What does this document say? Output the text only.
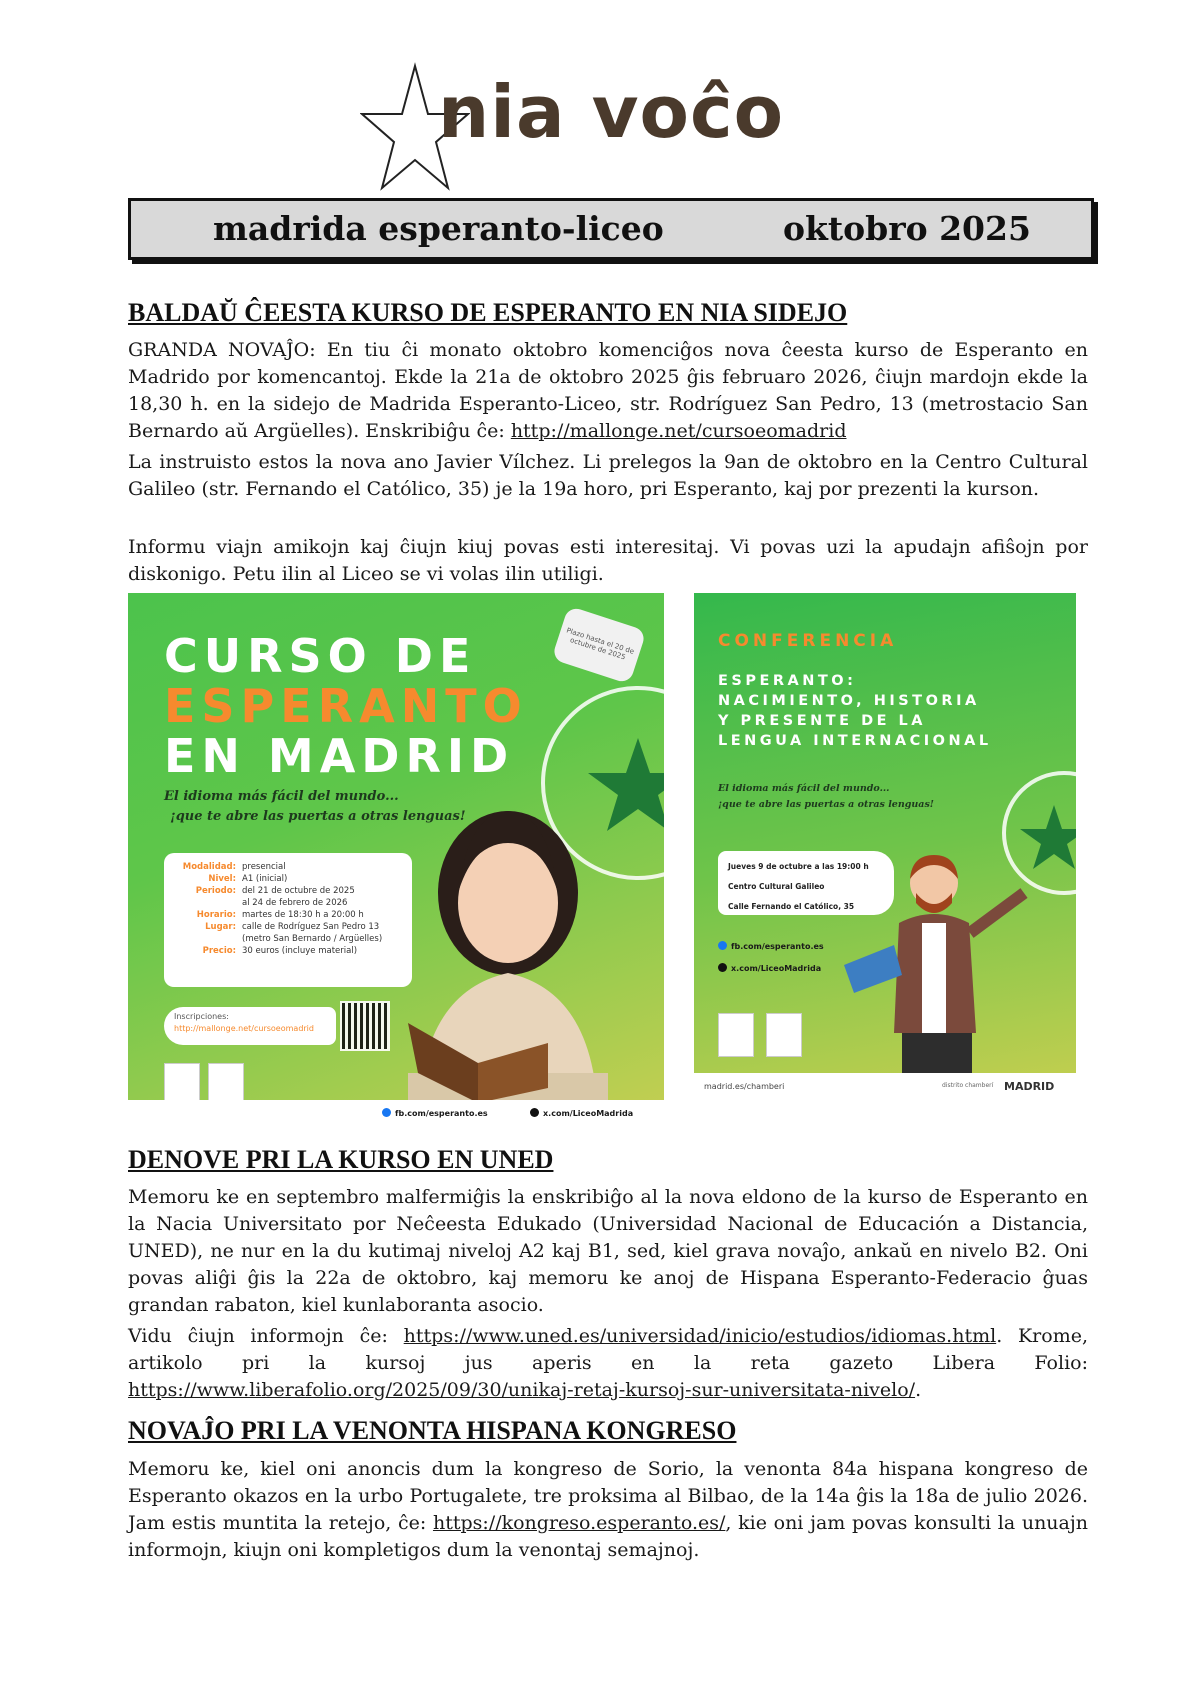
nia voĉo
madrida esperanto-liceo	oktobro 2025
BALDAŬ ĈEESTA KURSO DE ESPERANTO EN NIA SIDEJO

GRANDA NOVAĴO: En tiu ĉi monato oktobro komenciĝos nova ĉeesta kurso de Esperanto en Madrido por komencantoj. Ekde la 21a de oktobro 2025 ĝis februaro 2026, ĉiujn mardojn ekde la 18,30 h. en la sidejo de Madrida Esperanto-Liceo, str. Rodríguez San Pedro, 13 (metrostacio San Bernardo aŭ Argüelles). Enskribiĝu ĉe: http://mallonge.net/cursoeomadrid

La instruisto estos la nova ano Javier Vílchez. Li prelegos la 9an de oktobro en la Centro Cultural Galileo (str. Fernando el Católico, 35) je la 19a horo, pri Esperanto, kaj por prezenti la kurson.

Informu viajn amikojn kaj ĉiujn kiuj povas esti interesitaj. Vi povas uzi la apudajn afiŝojn por diskonigo. Petu ilin al Liceo se vi volas ilin utiligi.

CURSO DE
ESPERANTO
EN MADRID
El idioma más fácil del mundo...
¡que te abre las puertas a otras lenguas!
Plazo hasta el 20 de octubre de 2025
Modalidad: presencial
Nivel: A1 (inicial)
Periodo: del 21 de octubre de 2025
al 24 de febrero de 2026
Horario: martes de 18:30 h a 20:00 h
Lugar: calle de Rodríguez San Pedro 13
(metro San Bernardo / Argüelles)
Precio: 30 euros (incluye material)
Inscripciones:
http://mallonge.net/cursoeomadrid
fb.com/esperanto.es	x.com/LiceoMadrida
CONFERENCIA
ESPERANTO:
NACIMIENTO, HISTORIA
Y PRESENTE DE LA
LENGUA INTERNACIONAL
El idioma más fácil del mundo...
¡que te abre las puertas a otras lenguas!
Jueves 9 de octubre a las 19:00 h
Centro Cultural Galileo
Calle Fernando el Católico, 35
fb.com/esperanto.es
x.com/LiceoMadrida
madrid.es/chamberi	distrito chamberí MADRID
DENOVE PRI LA KURSO EN UNED

Memoru ke en septembro malfermiĝis la enskribiĝo al la nova eldono de la kurso de Esperanto en la Nacia Universitato por Neĉeesta Edukado (Universidad Nacional de Educación a Distancia, UNED), ne nur en la du kutimaj niveloj A2 kaj B1, sed, kiel grava novaĵo, ankaŭ en nivelo B2. Oni povas aliĝi ĝis la 22a de oktobro, kaj memoru ke anoj de Hispana Esperanto-Federacio ĝuas grandan rabaton, kiel kunlaboranta asocio.

Vidu ĉiujn informojn ĉe: https://www.uned.es/universidad/inicio/estudios/idiomas.html. Krome, artikolo pri la kursoj jus aperis en la reta gazeto Libera Folio: https://www.liberafolio.org/2025/09/30/unikaj-retaj-kursoj-sur-universitata-nivelo/.

NOVAĴO PRI LA VENONTA HISPANA KONGRESO

Memoru ke, kiel oni anoncis dum la kongreso de Sorio, la venonta 84a hispana kongreso de Esperanto okazos en la urbo Portugalete, tre proksima al Bilbao, de la 14a ĝis la 18a de julio 2026. Jam estis muntita la retejo, ĉe: https://kongreso.esperanto.es/, kie oni jam povas konsulti la unuajn informojn, kiujn oni kompletigos dum la venontaj semajnoj.
